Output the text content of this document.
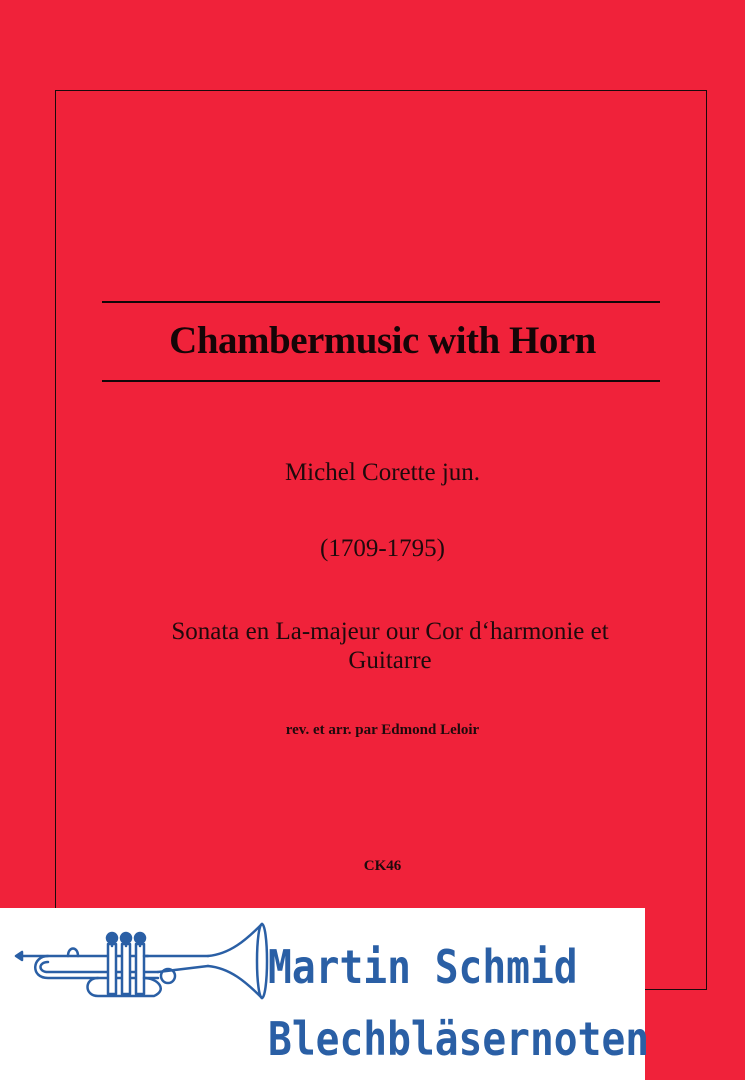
Chambermusic with Horn
Michel Corette jun.
(1709-1795)
Sonata en La-majeur our Cor d‘harmonie et
Guitarre
rev. et arr. par Edmond Leloir
CK46
Martin Schmid
Blechbläsernoten
